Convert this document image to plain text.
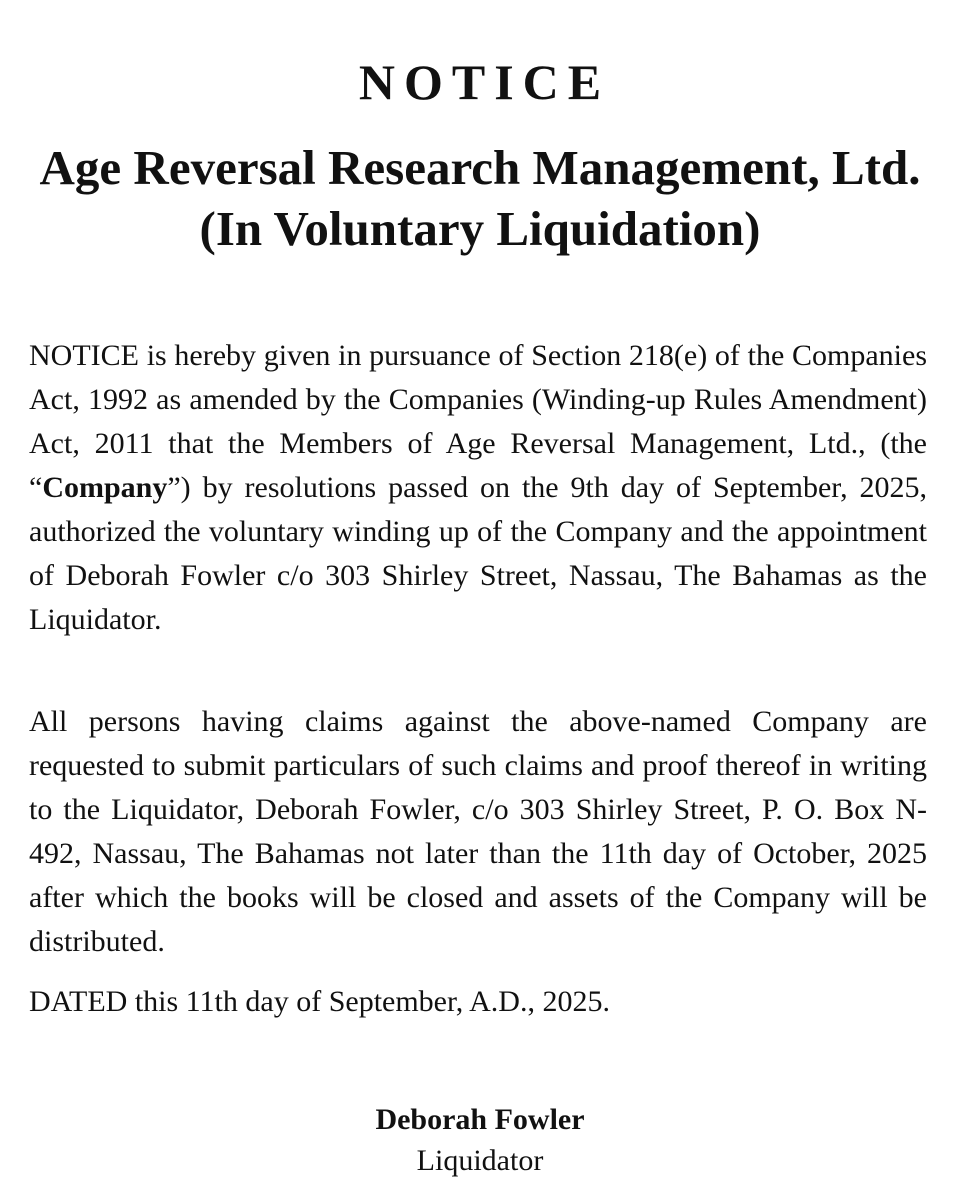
NOTICE
Age Reversal Research Management, Ltd.
(In Voluntary Liquidation)

NOTICE is hereby given in pursuance of Section 218(e) of the Companies Act, 1992 as amended by the Companies (Winding-up Rules Amendment) Act, 2011 that the Members of Age Reversal Management, Ltd., (the “Company”) by resolutions passed on the 9th day of September, 2025, authorized the voluntary winding up of the Company and the appointment of Deborah Fowler c/o 303 Shirley Street, Nassau, The Bahamas as the Liquidator.

All persons having claims against the above-named Company are requested to submit particulars of such claims and proof thereof in writing to the Liquidator, Deborah Fowler, c/o 303 Shirley Street, P. O. Box N-492, Nassau, The Bahamas not later than the 11th day of October, 2025 after which the books will be closed and assets of the Company will be distributed.

DATED this 11th day of September, A.D., 2025.

Deborah Fowler

Liquidator
